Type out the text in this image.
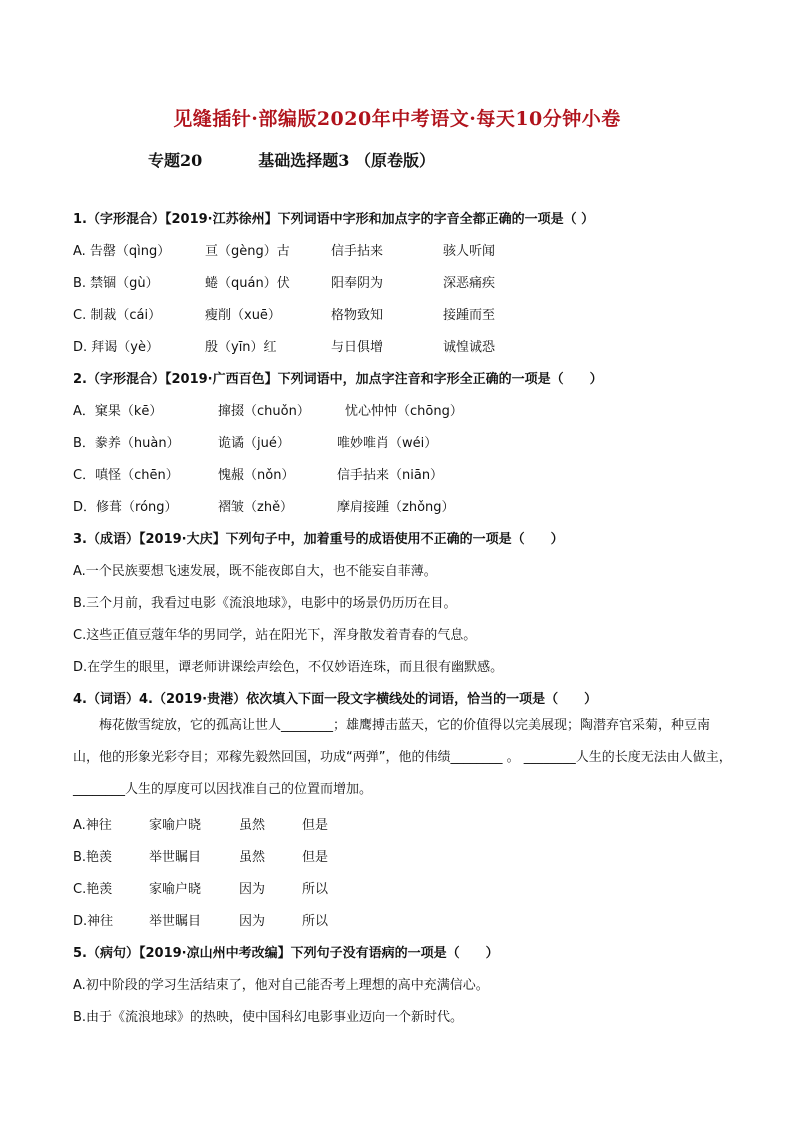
见缝插针·部编版2020年中考语文·每天10分钟小卷
专题20	基础选择题3 （原卷版）
1.（字形混合）【2019·江苏徐州】下列词语中字形和加点字的字音全都正确的一项是（ ）
A. 告罄（qìng）	亘（gèng）古	信手拈来	骇人听闻
B. 禁锢（gù）	蜷（quán）伏	阳奉阴为	深恶痛疾
C. 制裁（cái）	瘦削（xuē）	格物致知	接踵而至
D. 拜谒（yè）	殷（yīn）红	与日俱增	诚惶诚恐
2.（字形混合）【2019·广西百色】下列词语中，加点字注音和字形全正确的一项是（　　）
A．窠果（kē）	撺掇（chuǒn）	忧心忡忡（chōng）
B．豢养（huàn）	诡谲（jué）	唯妙唯肖（wéi）
C．嗔怪（chēn）	愧赧（nǒn）	信手拈来（niān）
D．修葺（róng）	褶皱（zhě）	摩肩接踵（zhǒng）
3.（成语）【2019·大庆】下列句子中，加着重号的成语使用不正确的一项是（　　）
A.一个民族要想飞速发展，既不能夜郎自大，也不能妄自菲薄。
B.三个月前，我看过电影《流浪地球》，电影中的场景仍历历在目。
C.这些正值豆蔻年华的男同学，站在阳光下，浑身散发着青春的气息。
D.在学生的眼里，谭老师讲课绘声绘色，不仅妙语连珠，而且很有幽默感。
4.（词语）4.（2019·贵港）依次填入下面一段文字横线处的词语，恰当的一项是（　　）
梅花傲雪绽放，它的孤高让世人________；雄鹰搏击蓝天，它的价值得以完美展现；陶潜弃官采菊，种豆南山，他的形象光彩夺目；邓稼先毅然回国，功成“两弹”，他的伟绩________ 。 ________人生的长度无法由人做主，________人生的厚度可以因找准自己的位置而增加。
A.神往	家喻户晓	虽然	但是
B.艳羡	举世瞩目	虽然	但是
C.艳羡	家喻户晓	因为	所以
D.神往	举世瞩目	因为	所以
5.（病句）【2019·凉山州中考改编】下列句子没有语病的一项是（　　）
A.初中阶段的学习生活结束了，他对自己能否考上理想的高中充满信心。
B.由于《流浪地球》的热映，使中国科幻电影事业迈向一个新时代。
